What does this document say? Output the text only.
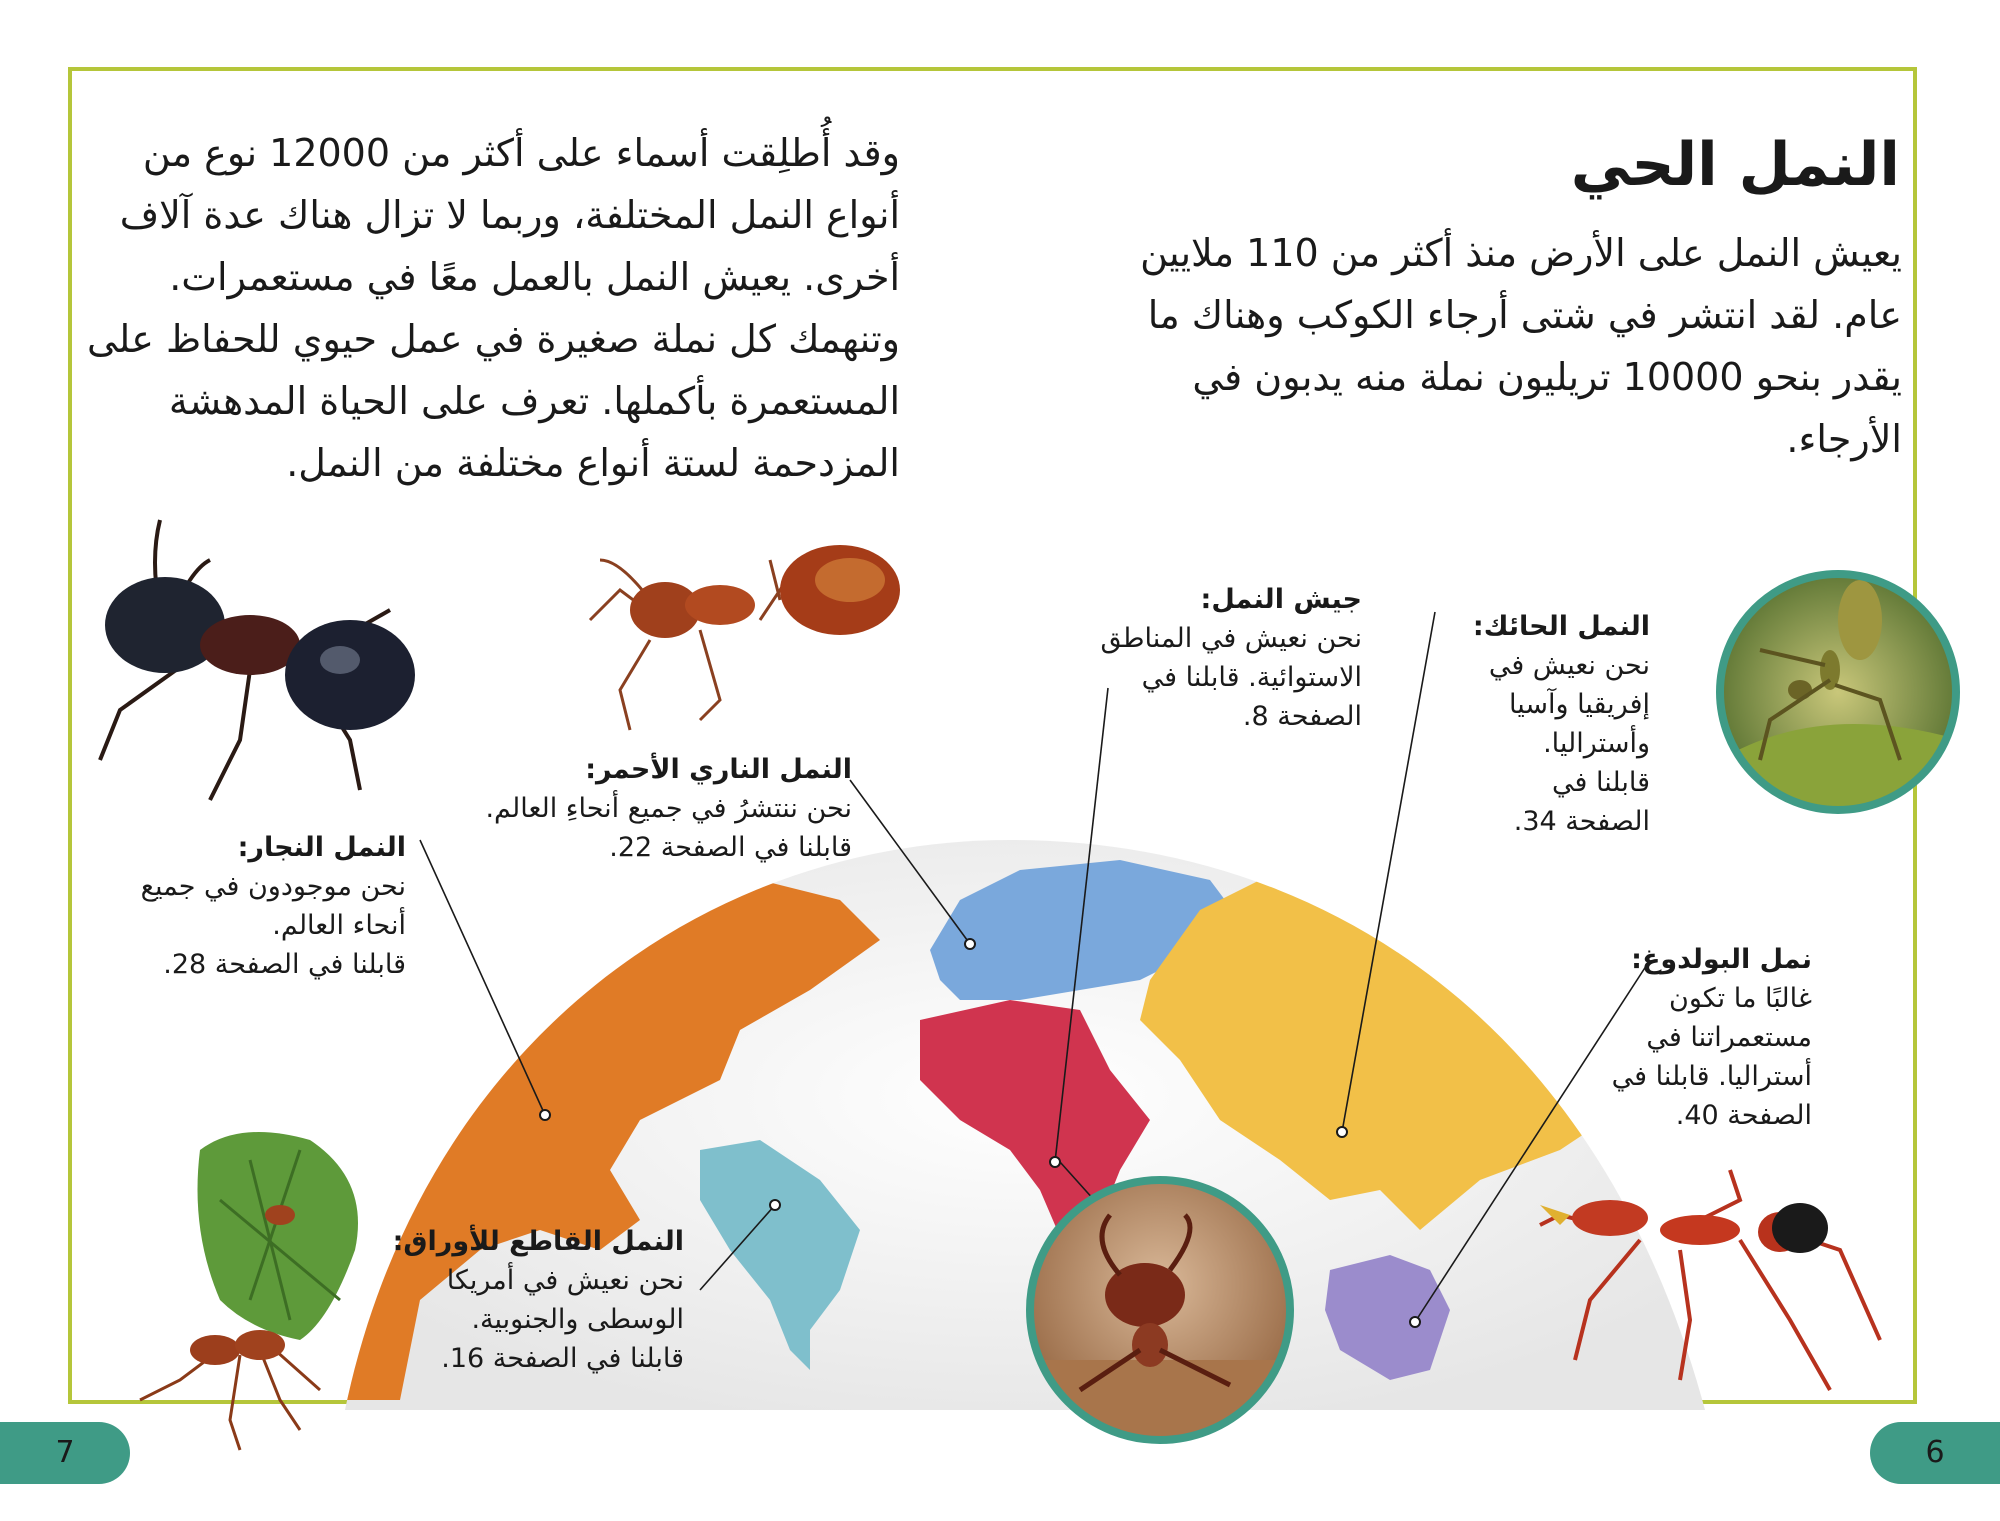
النمل الحي
يعيش النمل على الأرض منذ أكثر من 110 ملايين عام. لقد انتشر في شتى أرجاء الكوكب وهناك ما يقدر بنحو 10000 تريليون نملة منه يدبون في الأرجاء.
وقد أُطلِقت أسماء على أكثر من 12000 نوع من أنواع النمل المختلفة، وربما لا تزال هناك عدة آلاف أخرى. يعيش النمل بالعمل معًا في مستعمرات. وتنهمك كل نملة صغيرة في عمل حيوي للحفاظ على المستعمرة بأكملها. تعرف على الحياة المدهشة المزدحمة لستة أنواع مختلفة من النمل.
النمل الحائك:
نحن نعيش في
إفريقيا وآسيا
وأستراليا.
قابلنا في
الصفحة 34.
جيش النمل:
نحن نعيش في المناطق
الاستوائية. قابلنا في
الصفحة 8.
النمل الناري الأحمر:
نحن ننتشرُ في جميع أنحاءِ العالم.
قابلنا في الصفحة 22.
النمل النجار:
نحن موجودون في جميع
أنحاء العالم.
قابلنا في الصفحة 28.	نمل البولدوغ:
غالبًا ما تكون
مستعمراتنا في
أستراليا. قابلنا في
الصفحة 40.
النمل القاطع للأوراق:
نحن نعيش في أمريكا
الوسطى والجنوبية.
قابلنا في الصفحة 16.
7	6
